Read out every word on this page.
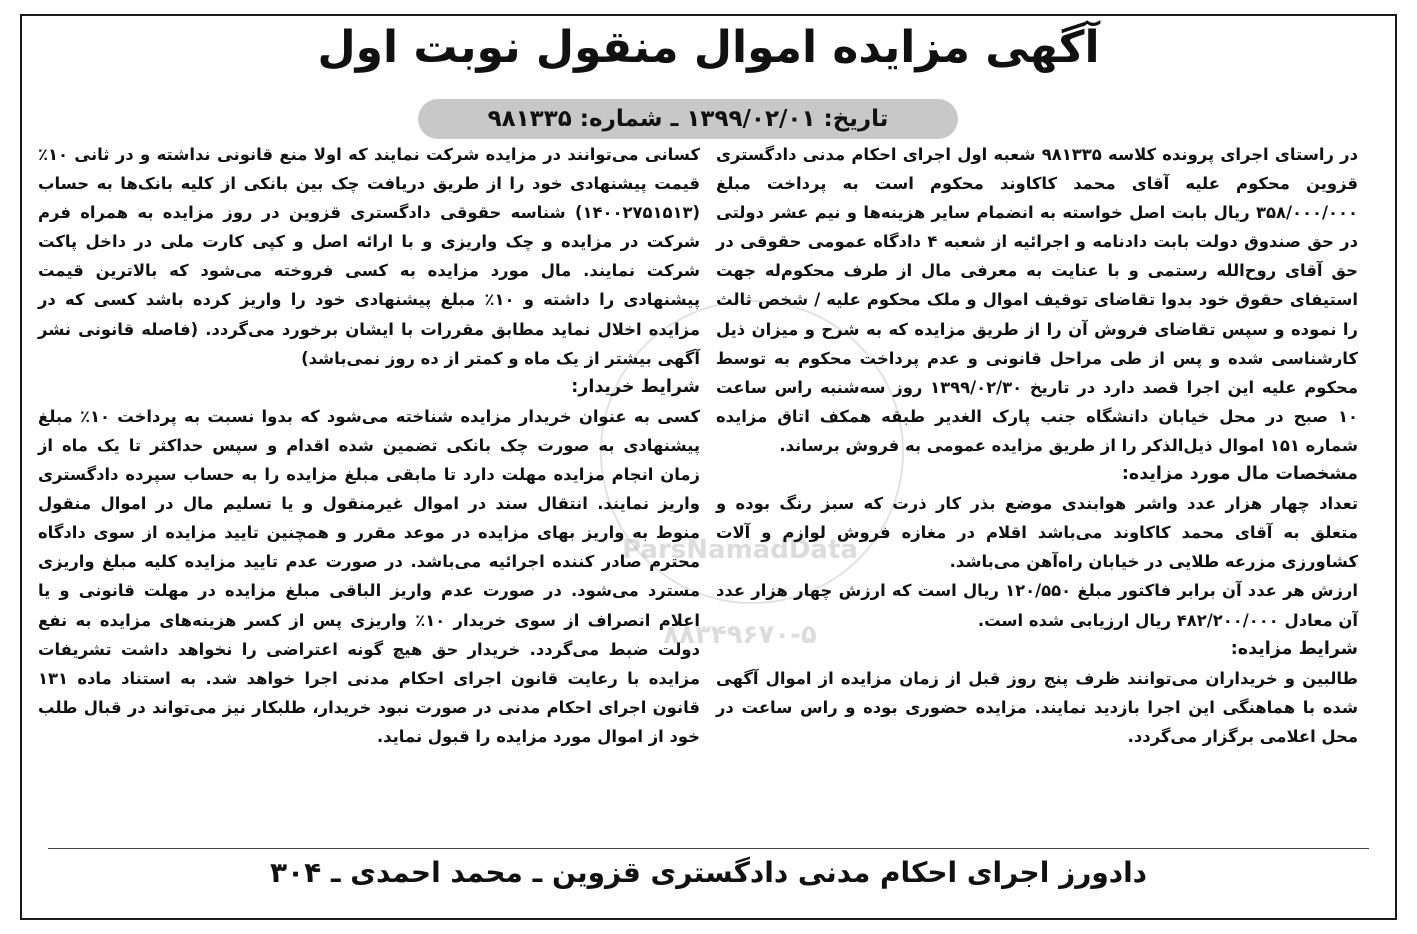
آگهی مزایده اموال منقول نوبت اول
تاریخ: ۱۳۹۹/۰۲/۰۱ ـ شماره: ۹۸۱۳۳۵
ParsNamadData
۸۸۳۴۹۶۷۰-۵

در راستای اجرای پرونده کلاسه ۹۸۱۳۳۵ شعبه اول اجرای احکام مدنی دادگستری قزوین محکوم علیه آقای محمد کاکاوند محکوم است به پرداخت مبلغ ۳۵۸/۰۰۰/۰۰۰ ریال بابت اصل خواسته به انضمام سایر هزینه‌ها و نیم عشر دولتی در حق صندوق دولت بابت دادنامه و اجرائیه از شعبه ۴ دادگاه عمومی حقوقی در حق آقای روح‌الله رستمی و با عنایت به معرفی مال از طرف محکوم‌له جهت استیفای حقوق خود بدوا تقاضای توقیف اموال و ملک محکوم علیه / شخص ثالث را نموده و سپس تقاضای فروش آن را از طریق مزایده که به شرح و میزان ذیل کارشناسی شده و پس از طی مراحل قانونی و عدم پرداخت محکوم به توسط محکوم علیه این اجرا قصد دارد در تاریخ ۱۳۹۹/۰۲/۳۰ روز سه‌شنبه راس ساعت ۱۰ صبح در محل خیابان دانشگاه جنب پارک الغدیر طبقه همکف اتاق مزایده شماره ۱۵۱ اموال ذیل‌الذکر را از طریق مزایده عمومی به فروش برساند.

مشخصات مال مورد مزایده:

تعداد چهار هزار عدد واشر هوابندی موضع بذر کار ذرت که سبز رنگ بوده و متعلق به آقای محمد کاکاوند می‌باشد اقلام در مغازه فروش لوازم و آلات کشاورزی مزرعه طلایی در خیابان راه‌آهن می‌باشد.

ارزش هر عدد آن برابر فاکتور مبلغ ۱۲۰/۵۵۰ ریال است که ارزش چهار هزار عدد آن معادل ۴۸۲/۲۰۰/۰۰۰ ریال ارزیابی شده است.

شرایط مزایده:

طالبین و خریداران می‌توانند ظرف پنج روز قبل از زمان مزایده از اموال آگهی شده با هماهنگی این اجرا بازدید نمایند. مزایده حضوری بوده و راس ساعت در محل اعلامی برگزار می‌گردد.

کسانی می‌توانند در مزایده شرکت نمایند که اولا منع قانونی نداشته و در ثانی ۱۰٪ قیمت پیشنهادی خود را از طریق دریافت چک بین بانکی از کلیه بانک‌ها به حساب (۱۴۰۰۲۷۵۱۵۱۳) شناسه حقوقی دادگستری قزوین در روز مزایده به همراه فرم شرکت در مزایده و چک واریزی و با ارائه اصل و کپی کارت ملی در داخل پاکت شرکت نمایند. مال مورد مزایده به کسی فروخته می‌شود که بالاترین قیمت پیشنهادی را داشته و ۱۰٪ مبلغ پیشنهادی خود را واریز کرده باشد کسی که در مزایده اخلال نماید مطابق مقررات با ایشان برخورد می‌گردد. (فاصله قانونی نشر آگهی بیشتر از یک ماه و کمتر از ده روز نمی‌باشد)

شرایط خریدار:

کسی به عنوان خریدار مزایده شناخته می‌شود که بدوا نسبت به پرداخت ۱۰٪ مبلغ پیشنهادی به صورت چک بانکی تضمین شده اقدام و سپس حداکثر تا یک ماه از زمان انجام مزایده مهلت دارد تا مابقی مبلغ مزایده را به حساب سپرده دادگستری واریز نمایند. انتقال سند در اموال غیرمنقول و یا تسلیم مال در اموال منقول منوط به واریز بهای مزایده در موعد مقرر و همچنین تایید مزایده از سوی دادگاه محترم صادر کننده اجرائیه می‌باشد. در صورت عدم تایید مزایده کلیه مبلغ واریزی مسترد می‌شود. در صورت عدم واریز الباقی مبلغ مزایده در مهلت قانونی و یا اعلام انصراف از سوی خریدار ۱۰٪ واریزی پس از کسر هزینه‌های مزایده به نفع دولت ضبط می‌گردد. خریدار حق هیچ گونه اعتراضی را نخواهد داشت تشریفات مزایده با رعایت قانون اجرای احکام مدنی اجرا خواهد شد. به استناد ماده ۱۳۱ قانون اجرای احکام مدنی در صورت نبود خریدار، طلبکار نیز می‌تواند در قبال طلب خود از اموال مورد مزایده را قبول نماید.

دادورز اجرای احکام مدنی دادگستری قزوین ـ محمد احمدی ـ ۳۰۴
